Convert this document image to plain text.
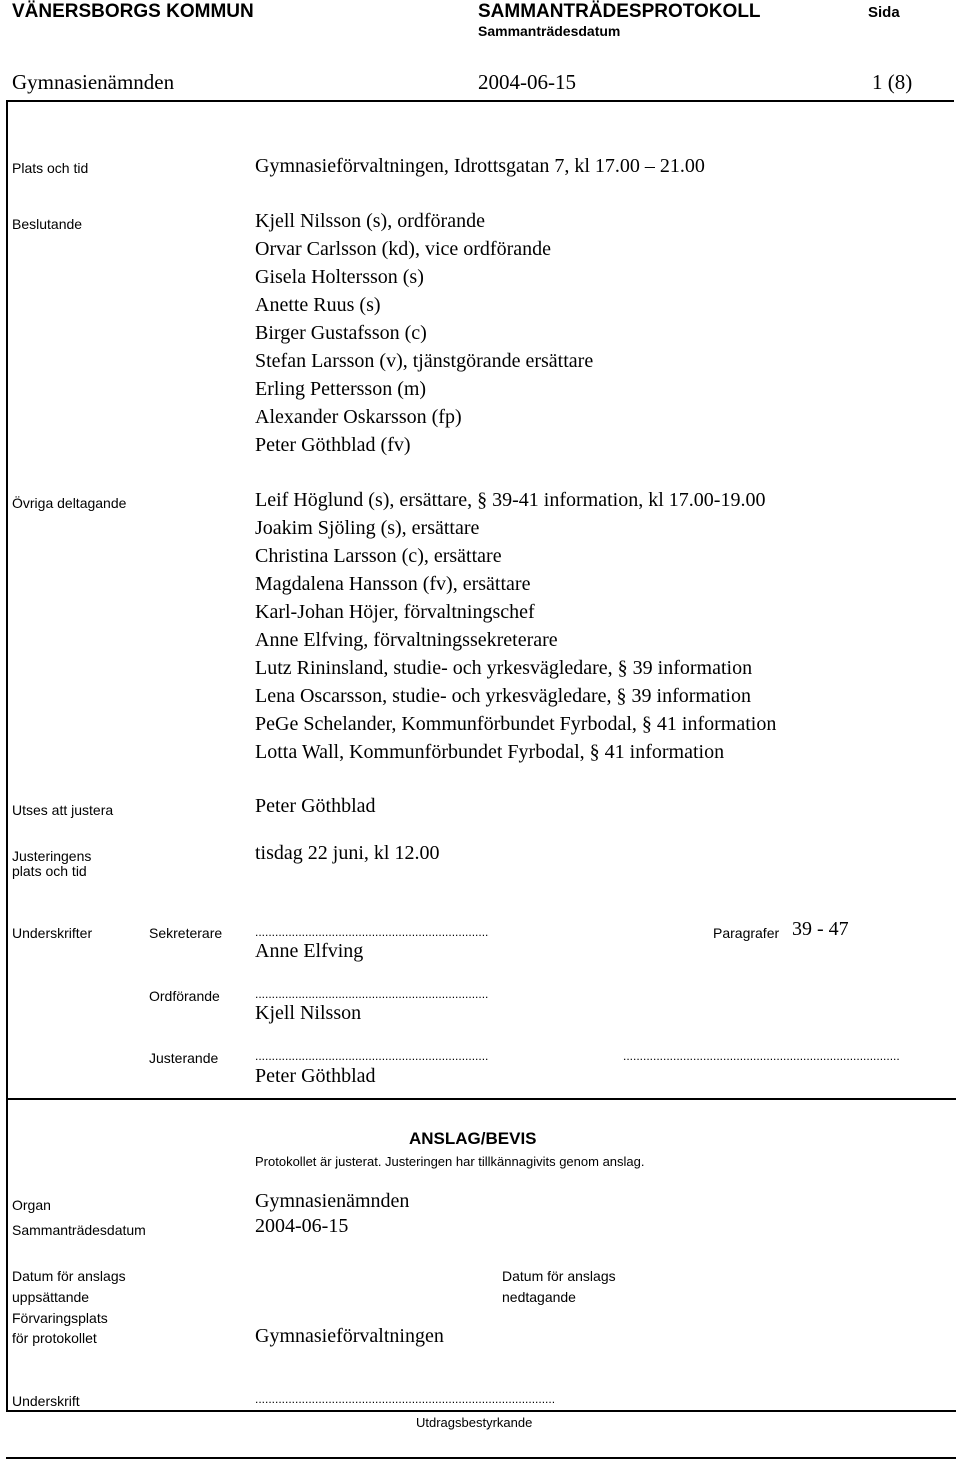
VÄNERSBORGS KOMMUN	SAMMANTRÄDESPROTOKOLL
Sammanträdesdatum
Sida
Gymnasienämnden	2004-06-15	1 (8)
Plats och tid	Gymnasieförvaltningen, Idrottsgatan 7, kl 17.00 – 21.00
Beslutande	Kjell Nilsson (s), ordförande
Orvar Carlsson (kd), vice ordförande
Gisela Holtersson (s)
Anette Ruus (s)
Birger Gustafsson (c)
Stefan Larsson (v), tjänstgörande ersättare
Erling Pettersson (m)
Alexander Oskarsson (fp)
Peter Göthblad (fv)
Övriga deltagande	Leif Höglund (s), ersättare, § 39-41 information, kl 17.00-19.00
Joakim Sjöling (s), ersättare
Christina Larsson (c), ersättare
Magdalena Hansson (fv), ersättare
Karl-Johan Höjer, förvaltningschef
Anne Elfving, förvaltningssekreterare
Lutz Rininsland, studie- och yrkesvägledare, § 39 information
Lena Oscarsson, studie- och yrkesvägledare, § 39 information
PeGe Schelander, Kommunförbundet Fyrbodal, § 41 information
Lotta Wall, Kommunförbundet Fyrbodal, § 41 information
Utses att justera	Peter Göthblad
Justeringens
plats och tid
tisdag 22 juni, kl 12.00
Underskrifter	Sekreterare	......................................................................
Anne Elfving
Paragrafer 39 - 47
Ordförande	......................................................................
Kjell Nilsson
Justerande	......................................................................	...................................................................................
Peter Göthblad
ANSLAG/BEVIS
Protokollet är justerat. Justeringen har tillkännagivits genom anslag.
Organ	Gymnasienämnden
Sammanträdesdatum	2004-06-15
Datum för anslags
uppsättande
Datum för anslags
nedtagande
Förvaringsplats
för protokollet	Gymnasieförvaltningen
Underskrift	..........................................................................................
Utdragsbestyrkande
